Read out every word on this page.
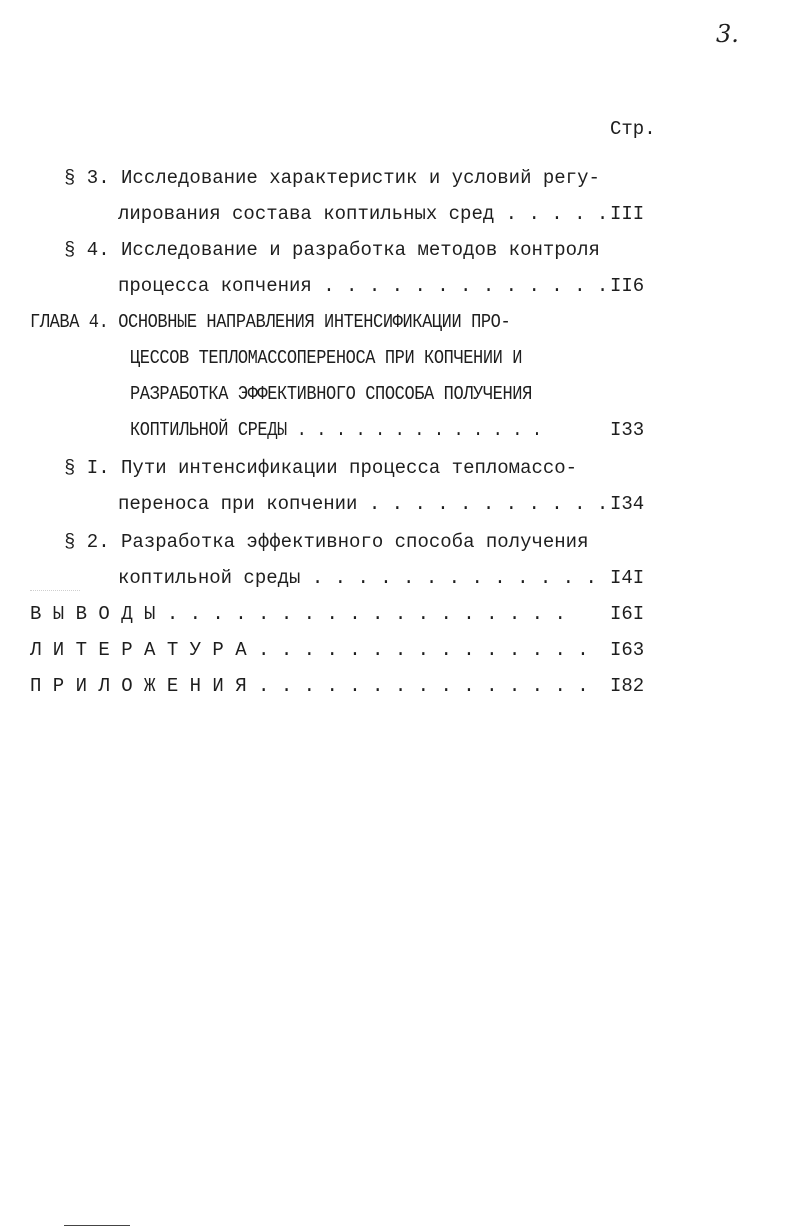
3.
Стр.
§ 3. Исследование характеристик и условий регу-
лирования состава коптильных сред . . . . . III
§ 4. Исследование и разработка методов контроля
процесса копчения . . . . . . . . . . . . . II6
ГЛАВА 4. ОСНОВНЫЕ НАПРАВЛЕНИЯ ИНТЕНСИФИКАЦИИ ПРО-
ЦЕССОВ ТЕПЛОМАССОПЕРЕНОСА ПРИ КОПЧЕНИИ И
РАЗРАБОТКА ЭФФЕКТИВНОГО СПОСОБА ПОЛУЧЕНИЯ
КОПТИЛЬНОЙ СРЕДЫ . . . . . . . . . . . . .	I33
§ I. Пути интенсификации процесса тепломассо-
переноса при копчении . . . . . . . . . . . I34
§ 2. Разработка эффективного способа получения
коптильной среды . . . . . . . . . . . . . I4I
В Ы В О Д Ы . . . . . . . . . . . . . . . . . . I6I
Л И Т Е Р А Т У Р А . . . . . . . . . . . . . . . I63
П Р И Л О Ж Е Н И Я . . . . . . . . . . . . . . . I82
